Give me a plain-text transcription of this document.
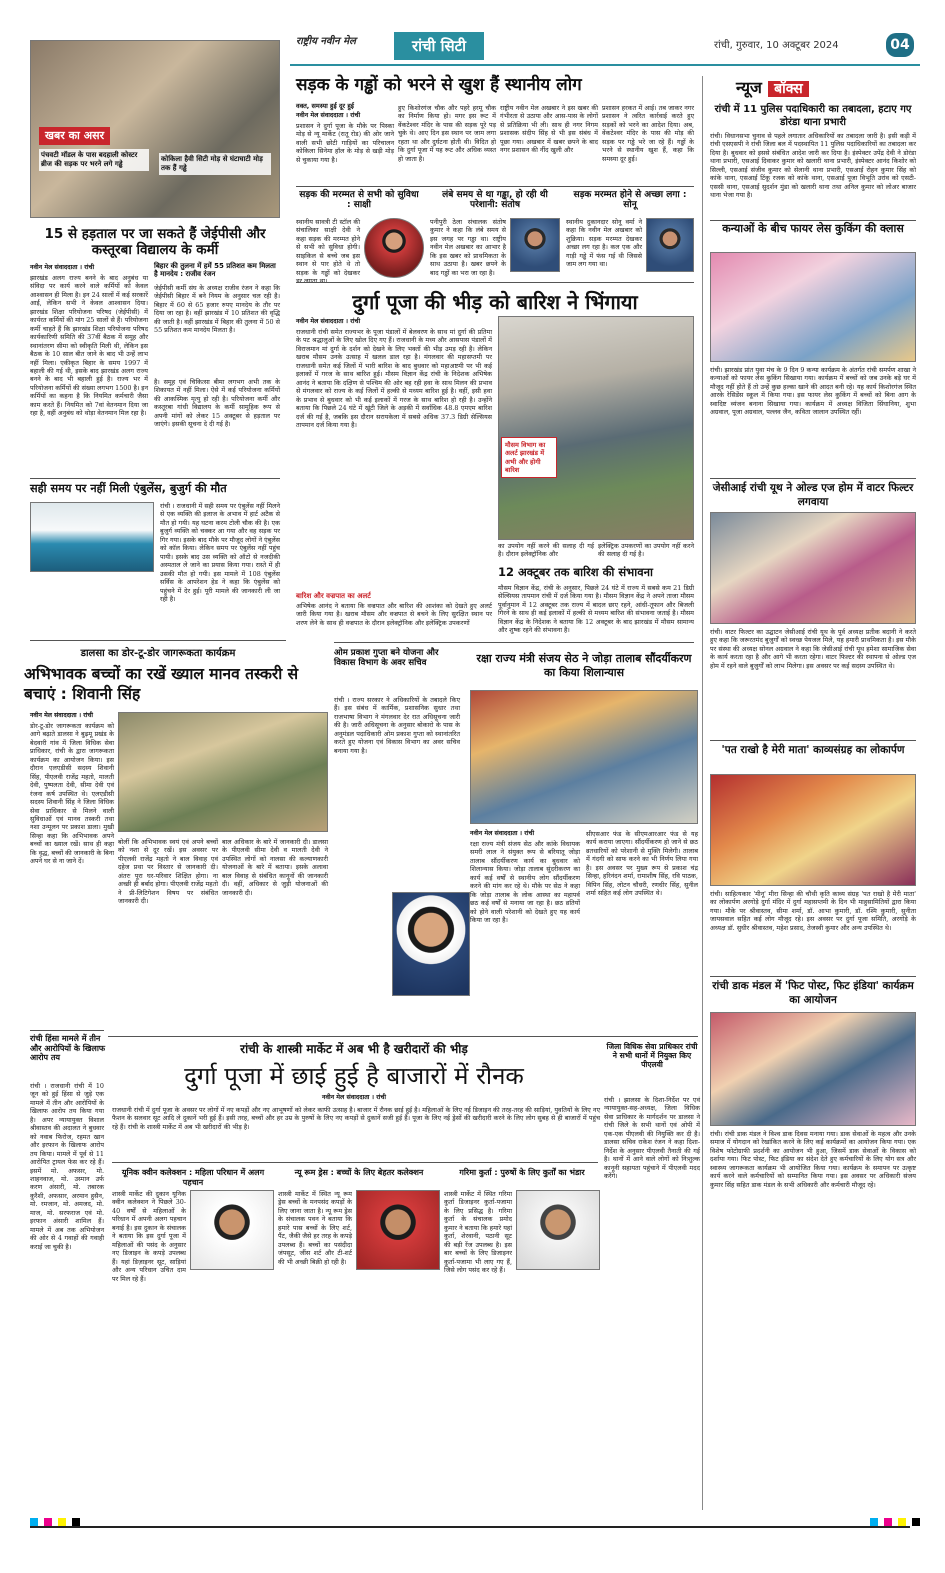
राष्ट्रीय नवीन मेल	रांची सिटी	रांची, गुरुवार, 10 अक्टूबर 2024	04
खबर का असर
पंचवटी मॉडल के पास बदहाली कोस्टर ब्रीज की सड़क पर भरने लगे गड्ढे
कोकिला हैवी सिटी मोड़ से घंटाघाटी मोड़ तक हैं गड्ढे
सड़क के गड्ढों को भरने से खुश हैं स्थानीय लोग
वक्त, समस्या हुई दूर हुई
नवीन मेल संवाददाता । रांची
प्रशासन ने दुर्गा पूजा के मौके पर पिस्का मोड़ से न्यू मार्केट (रातू रोड) की ओर जाने वाली सभी छोटी गाड़ियों का परिचालन कोकिला सिनेमा हॉल के मोड़ से खड़ी मोड़ से चुकाया गया है।
हुए किशोरगंज चौक और पहरे हरमू चौक का निर्माण किया हो। मगर इस रूट में वेंकटेश्वर मंदिर के पास की सड़क पूरे पड़ चुके थे। आए दिन इस स्थान पर जाम लगा रहता था और दुर्घटना होती थी। विदित हो कि दुर्गा पूजा में यह रूट और अधिक व्यस्त हो जाता है।
राष्ट्रीय नवीन मेल अखबार ने इस खबर की गंभीरता से उठाया और आस-पास के लोगों से प्रतिक्रिया भी ली। साथ ही नगर निगम प्रशासक संदीप सिंह से भी इस संबंध में पूछा गया। अखबार में खबर छपने के बाद नगर प्रशासन की नींद खुली और
प्रशासन हरकत में आई। तब जाकर नगर प्रशासन ने त्वरित कार्रवाई करते हुए सड़कों को भरने का आदेश दिया। अब, वेंकटेश्वर मंदिर के पास की मोड़ की सड़क पर गड्ढे भरे जा रहे हैं। गड्ढों के भरने से स्थानीय खुश हैं, कहा कि समस्या दूर हुई।
सड़क की मरम्मत से सभी को सुविधा : साक्षी
स्थानीय सावत्री टी स्टॉल की संचालिका साक्षी देवी ने कहा सड़क की मरम्मत होने से सभी को सुविधा होगी। साइकिल से बच्चे जब इस स्थान से पार होते थे तो सड़क के गड्ढों को देखकर डर लगता था।
लंबे समय से था गड्ढा, हो रही थी परेशानी: संतोष
पनीपुरी ठेला संचालक संतोष कुमार ने कहा कि लंबे समय से इस जगह पर गड्ढा था। राष्ट्रीय नवीन मेल अखबार का आभार है कि इस खबर को प्राथमिकता के साथ उठाया है। खबर छपने के बाद गड्ढों का भरा जा रहा है।
सड़क मरम्मत होने से अच्छा लगा : सोनू
स्थानीय दुकानदार सोनू वर्मा ने कहा कि नवीन मेल अखबार को शुक्रिया। सड़क मरम्मत देखकर अच्छा लग रहा है। कल एक और गाड़ी गड्ढे में फंस गई थी जिससे जाम लग गया था।
15 से हड़ताल पर जा सकते हैं जेईपीसी और कस्तूरबा विद्यालय के कर्मी
नवीन मेल संवाददाता । रांची
झारखंड अलग राज्य बनने के बाद अनुबंध या संविदा पर कार्य करने वाले कर्मियों को केवल आश्वासन ही मिला है। इन 24 सालों में कई सरकारें आईं, लेकिन सभी ने केवल आश्वासन दिया। झारखंड शिक्षा परियोजना परिषद (जेईपीसी) में कार्यरत कर्मियों की मांग 25 सालों से हैं। परियोजना कर्मी चाहते हैं कि झारखंड शिक्षा परियोजना परिषद कार्यकारिणी समिति की 37वीं बैठक में समूह और स्थानांतरण सीमा को स्वीकृति मिली थी, लेकिन इस बैठक के 10 साल बीत जाने के बाद भी उन्हें लाभ नहीं मिला। एकीकृत बिहार के समय 1997 में बहाली की गई थी, इसके बाद झारखंड अलग राज्य बनने के बाद भी बहाली हुई है। राज्य भर में परियोजना कर्मियों की संख्या लगभग 1500 है। इन कर्मियों का कहना है कि नियमित कर्मचारी जैसा काम करते हैं। नियमित को 7वां वेतनमान दिया जा रहा है, वहीं अनुबंध को थोड़ा वेतनमान मिल रहा है।
बिहार की तुलना में हमें 55 प्रतिशत कम मिलता है मानदेय : राजीव रंजन
जेईपीसी कर्मी संघ के अध्यक्ष राजीव रंजन ने कहा कि जेईपीसी बिहार में बने नियम के अनुसार चल रही है। बिहार में 60 से 65 हजार रुपए मानदेय के तौर पर दिया जा रहा है। वहीं झारखंड में 10 प्रतिशत की वृद्धि की जाती है। वहीं झारखंड में बिहार की तुलना में 50 से 55 प्रतिशत कम मानदेय मिलता है।
है। समूह एवं चिकित्सा बीमा लगभग अभी तक के शिकायत में नहीं मिला। ऐसे में कई परियोजना कर्मियों की आकस्मिक मृत्यु हो रही है। परियोजना कर्मी और कस्तूरबा गांधी विद्यालय के कर्मी सामूहिक रूप से अपनी मांगों को लेकर 15 अक्टूबर से हड़ताल पर जाएंगे। इसकी सूचना दे दी गई है।
सही समय पर नहीं मिली एंबुलेंस, बुजुर्ग की मौत
रांची । राजधानी में सही समय पर एंबुलेंस नहीं मिलने से एक व्यक्ति की इलाज के अभाव में हार्ट अटैक से मौत हो गयी। यह घटना करम टोली चौक की है। एक बुजुर्ग व्यक्ति को चक्कर आ गया और वह सड़क पर गिर गया। इसके बाद मौके पर मौजूद लोगों ने एंबुलेंस को कॉल किया। लेकिन समय पर एंबुलेंस नहीं पहुंच पायी। इसके बाद उस व्यक्ति को ऑटो से नजदीकी अस्पताल ले जाने का प्रयास किया गया। रास्ते में ही उसकी मौत हो गयी। इस मामले में 108 एंबुलेंस सर्विस के आपरेशन हेड ने कहा कि एंबुलेंस को पहुंचने में देर हुई। पूरी मामले की जानकारी ली जा रही है।
डालसा का डोर-टू-डोर जागरूकता कार्यक्रम
अभिभावक बच्चों का रखें ख्याल मानव तस्करी से बचाएं : शिवानी सिंह
नवीन मेल संवाददाता । रांची
डोर-टू-डोर जागरूकता कार्यक्रम को आगे बढ़ाते डालसा ने बुढ़मू प्रखंड के बेदवारी गांव में जिला विधिक सेवा प्राधिकार, रांची के द्वारा जागरूकता कार्यक्रम का आयोजन किया। इस दौरान एलएडीसी सदस्य शिवानी सिंह, पीएलवी राजेंद्र महतो, मालती देवी, पुष्पलता देवी, सीमा देवी एवं रंजना कर्ष उपस्थित थे। एलएडीसी सदस्य शिवानी सिंह ने जिला विधिक सेवा प्राधिकार से मिलने वाली सुविधाओं एवं मानव तस्करी तथा नशा उन्मूलन पर प्रकाश डाला। मुखी सिन्हा कहा कि अभिभावक अपने बच्चों का ख्याल रखें। साथ ही कहा कि वृद्ध, बच्चों की जानकारी के बिना अपने घर से ना जाने दें।
बोलीं कि अभिभावक स्वयं एवं अपने बच्चों को नशा से दूर रखें। इस अवसर पर पीएलवी राजेंद्र महतो ने बाल विवाह एवं दहेज प्रथा पर विस्तार से जानकारी दी। अंतरः पूरा घर-परिवार शिक्षित होगा। ना अच्छी ही बर्बाद होगा। पीएलवी राजेंद्र महतो ने प्री-लिटिगेशन विषय पर संबंधित जानकारी दी।
बाल अधिकार के बारे में जानकारी दी। डालसा के पीएलवी सीमा देवी व मालती देवी ने उपस्थित लोगों को नालसा की कल्याणकारी योजनाओं के बारे में बताया। इसके अलावा बाल विवाह से संबंधित कानूनों की जानकारी दी। वहीं, अधिकार से जुड़ी योजनाओं की जानकारी दी।
दुर्गा पूजा की भीड़ को बारिश ने भिंगाया
नवीन मेल संवाददाता । रांची
राजधानी रांची समेत राज्यभर के पूजा पंडालों में बेलवरण के साथ मां दुर्गा की प्रतिमा के पट श्रद्धालुओं के लिए खोल दिए गए हैं। राजधानी के मध्य और आसपास पंडालों में विराजमान मां दुर्गा के दर्शन को देखने के लिए भक्तों की भीड़ उमड़ रही है। लेकिन खराब मौसम उनके उत्साह में खलल डाल रहा है। मंगलवार की महासप्तमी पर राजधानी समेत कई जिलों में भारी बारिश के बाद बुधवार को महाअष्टमी पर भी कई इलाकों में गरज के साथ बारिश हुई। मौसम विज्ञान केंद्र रांची के निदेशक अभिषेक आनंद ने बताया कि दक्षिण से पश्चिम की ओर बह रही हवा के साथ मिलन की प्रभाव से मंगलवार को राज्य के कई जिलों में हल्की से मध्यम बारिश हुई है। वहीं, इसी हवा के प्रभाव से बुधवार को भी कई इलाकों में गरज के साथ बारिश हो रही है। उन्होंने बताया कि पिछले 24 घंटे में खूंटी जिले के अड़की में सर्वाधिक 48.8 एमएम बारिश दर्ज की गई है, जबकि इस दौरान सरायकेला में सबसे अधिक 37.3 डिग्री सेल्सियस तापमान दर्ज किया गया है।
बारिश और वज्रपात का अलर्ट
अभिषेक आनंद ने बताया कि वज्रपात और बारिश की आशंका को देखते हुए अलर्ट जारी किया गया है। खराब मौसम और वज्रपात से बचने के लिए सुरक्षित स्थान पर शरण लेने के साथ ही वज्रपात के दौरान इलेक्ट्रॉनिक और इलेक्ट्रिक उपकरणों
मौसम विभाग का अलर्ट झारखंड में अभी और होगी बारिश
का उपयोग नहीं करने की सलाह दी गई है। दौरान इलेक्ट्रॉनिक और
इलेक्ट्रिक उपकरणों का उपयोग नहीं करने की सलाह दी गई है।
12 अक्टूबर तक बारिश की संभावना
मौसम विज्ञान केंद्र, रांची के अनुसार, पिछले 24 घंटे में राज्य में सबसे कम 21 डिग्री सेल्सियस तापमान रांची में दर्ज किया गया है। मौसम विज्ञान केंद्र ने अपने ताजा मौसम पूर्वानुमान में 12 अक्टूबर तक राज्य में बादल छाए रहने, आंधी-तूफान और बिजली गिरने के साथ ही कई इलाकों में हल्की से मध्यम बारिश की संभावना जताई है। मौसम विज्ञान केंद्र के निदेशक ने बताया कि 12 अक्टूबर के बाद झारखंड में मौसम सामान्य और शुष्क रहने की संभावना है।
ओम प्रकाश गुप्ता बने योजना और विकास विभाग के अवर सचिव
रांची । राज्य सरकार ने अधिकारियों के तबादले किए हैं। इस संबंध में कार्मिक, प्रशासनिक सुधार तथा राजभाषा विभाग ने मंगलवार देर रात अधिसूचना जारी की है। जारी अधिसूचना के अनुसार बोकारो के पास के अनुमंडल पदाधिकारी ओम प्रकाश गुप्ता को स्थानांतरित करते हुए योजना एवं विकास विभाग का अवर सचिव बनाया गया है।
रक्षा राज्य मंत्री संजय सेठ ने जोड़ा तालाब सौंदर्यीकरण का किया शिलान्यास
नवीन मेल संवाददाता । रांची
रक्षा राज्य मंत्री संजय सेठ और कांके विधायक समरी लाल ने संयुक्त रूप से बरियातू जोड़ा तालाब सौंदर्यीकरण कार्य का बुधवार को शिलान्यास किया। जोड़ा तालाब सुंदरीकरण का कार्य कई वर्षों से स्थानीय लोग सौंदर्यीकरण करने की मांग कर रहे थे। मौके पर सेठ ने कहा कि जोड़ा तालाब के लोक आस्था का महापर्व छठ कई वर्षों से मनाया जा रहा है। छठ व्रतियों को होने वाली परेशानी को देखते हुए यह कार्य किया जा रहा है।
सीएसआर फंड के सीएमआरआर फंड से यह कार्य कराया जाएगा। सौंदर्यीकरण हो जाने से छठ व्रतधारियों को परेशानी से मुक्ति मिलेगी। तालाब में गंदगी को साफ करने का भी निर्णय लिया गया है। इस अवसर पर मुख्य रूप से प्रकाश चंद्र सिन्हा, हरिनंदन शर्मा, रामाशीष सिंह, रवि पाठक, विपिन सिंह, लोटन चौधरी, रणधीर सिंह, सुनील शर्मा सहित कई लोग उपस्थित थे।
रांची के शास्त्री मार्केट में अब भी है खरीदारों की भीड़
दुर्गा पूजा में छाई हुई है बाजारों में रौनक
नवीन मेल संवाददाता । रांची
राजधानी रांची में दुर्गा पूजा के अवसर पर लोगों में नए कपड़ों और नए आभूषणों को लेकर काफी उत्साह है। बाजार में रौनक छाई हुई है। महिलाओं के लिए नई डिजाइन की तरह-तरह की साड़ियां, युवतियों के लिए नए फैशन के सलवार सूट आदि ले दुकानें भरी हुई हैं। इसी तरह, बच्चों और हर उम्र के पुरुषों के लिए नए कपड़ों से दुकानें सजी हुई हैं। पूजा के लिए नई ड्रेसों की खरीदारी करने के लिए लोग सुबह से ही बाजारों में पहुंच रहे हैं। रांची के शास्त्री मार्केट में अब भी खरीदारों की भीड़ है।
यूनिक क्वीन कलेक्शन : महिला परिधान में अलग पहचान
शास्त्री मार्केट की दुकान यूनिक क्वीन कलेक्शन ने पिछले 30-40 वर्षों से महिलाओं के परिधान में अपनी अलग पहचान बनाई है। इस दुकान के संचालक ने बताया कि इस दुर्गा पूजा में महिलाओं की पसंद के अनुसार नए डिजाइन के कपड़े उपलब्ध हैं। यहां डिज़ाइनर सूट, साड़ियां और अन्य परिधान उचित दाम पर मिल रहे हैं।
न्यू रूम ड्रेस : बच्चों के लिए बेहतर कलेक्शन
शास्त्री मार्केट में स्थित न्यू रूम ड्रेस बच्चों के मनपसंद कपड़ों के लिए जाना जाता है। न्यू रूम ड्रेस के संचालक पवन ने बताया कि हमारे पास बच्चों के लिए शर्ट, पैंट, जैकी जैसे हर तरह के कपड़े उपलब्ध हैं। बच्चों का पसंदीदा जंपसूट, जींस शर्ट और टी-शर्ट की भी अच्छी बिक्री हो रही है।
गरिमा कुर्ता : पुरुषों के लिए कुर्तों का भंडार
शास्त्री मार्केट में स्थित गरिमा कुर्ता डिजाइनर कुर्ता-पजामा के लिए प्रसिद्ध है। गरिमा कुर्ता के संचालक प्रमोद कुमार ने बताया कि हमारे यहां कुर्ता, शेरवानी, पठानी सूट की बड़ी रेंज उपलब्ध है। इस बार बच्चों के लिए डिजाइनर कुर्ता-पजामा भी लाए गए हैं, जिसे लोग पसंद कर रहे हैं।
रांची हिंसा मामले में तीन और आरोपियों के खिलाफ आरोप तय
रांची । राजधानी रांची में 10 जून को हुई हिंसा से जुड़े एक मामले में तीन और आरोपियों के खिलाफ आरोप तय किया गया है। अपर न्यायायुक्त विशाल श्रीवास्तव की अदालत ने बुधवार को नवाब फिरोज, रहमत खान और इरफान के खिलाफ आरोप तय किया। मामले में पूर्व से 11 आरोपित ट्रायल फेस कर रहे हैं। इसमें मो. अफसर, मो. शाहनवाज, मो. उस्मान उर्फ करण अंसारी, मो. तबारक कुरैशी, अफसार, अरमान हुसैन, मो. रमजान, मो. अमजद, मो. माज, मो. सरफराज एवं मो. इरफान अंसारी शामिल हैं। मामले में अब तक अभियोजन की ओर से 4 गवाहों की गवाही कराई जा चुकी है।
जिला विधिक सेवा प्राधिकार रांची ने सभी थानों में नियुक्त किए पीएलवी
रांची । झालसा के दिशा-निर्देश पर एवं न्यायायुक्त-सह-अध्यक्ष, जिला विधिक सेवा प्राधिकार के मार्गदर्शन पर डालसा ने रांची जिले के सभी थानों एवं ओपी में एक-एक पीएलवी की नियुक्ति कर दी है। डालसा सचिव राकेश रंजन ने कहा दिशा-निर्देश के अनुसार पीएलवी तैनाती की गई है। थानों में आने वाले लोगों को निःशुल्क कानूनी सहायता पहुंचाने में पीएलवी मदद करेंगे।
न्यूज बॉक्स
रांची में 11 पुलिस पदाधिकारी का तबादला, हटाए गए डोरंडा थाना प्रभारी
रांची। विधानसभा चुनाव से पहले लगातार अधिकारियों का तबादला जारी है। इसी कड़ी में रांची एसएसपी ने रांची जिला बल में पदस्थापित 11 पुलिस पदाधिकारियों का तबादला कर दिया है। बुधवार को इससे संबंधित आदेश जारी कर दिया है। इंस्पेक्टर उपेंद्र देवी ने डोरंडा थाना प्रभारी, एसआई दिवाकर कुमार को खलारी थाना प्रभारी, इंस्पेक्टर आनंद किशोर को सिल्ली, एसआई संजीव कुमार को सेलानी थाना प्रभारी, एसआई रोहन कुमार सिंह को कांके थाना, एसआई टिंकू रजक को कांके थाना, एसआई पूजा विभूति उरांव को एसटी-एससी थाना, एसआई सुदर्शन मुंडा को खलारी थाना तथा अनिल कुमार को लोअर बाजार थाना भेजा गया है।
कन्याओं के बीच फायर लेस कुकिंग की क्लास
रांची। झारखंड प्रांत युवा मंच के 9 दिन 9 कन्या कार्यक्रम के अंतर्गत रांची समर्पण शाखा ने कन्याओं को फायर लेस कुकिंग सिखाया गया। कार्यक्रम में बच्चों को जब उनके बड़े घर में मौजूद नहीं होते हैं तो उन्हें कुछ हल्का खाने की आदत बनी रहे। यह कार्य किशोरगंज स्थित आरके रेसिडेंस स्कूल में किया गया। इस फायर लेस कुकिंग में बच्चों को बिना आग के स्वादिष्ट व्यंजन बनाना सिखाया गया। कार्यक्रम में अध्यक्ष विजिता सिंघानिया, शुभा अग्रवाल, पूजा अग्रवाल, पल्लव जैन, कविता जालान उपस्थित रहीं।
जेसीआई रांची यूथ ने ओल्ड एज होम में वाटर फिल्टर लगवाया
रांची। वाटर फिल्टर का उद्घाटन जेसीआई रांची यूथ के पूर्व अध्यक्ष प्रतीक बदानी ने करते हुए कहा कि जरूरतमंद बुजुर्गों को स्वच्छ पेयजल मिले, यह हमारी प्राथमिकता है। इस मौके पर संस्था की अध्यक्ष सोनल अग्रवाल ने कहा कि जेसीआई रांची यूथ हमेशा सामाजिक सेवा के कार्य करता रहा है और आगे भी करता रहेगा। वाटर फिल्टर की स्थापना से ओल्ड एज होम में रहने वाले बुजुर्गों को लाभ मिलेगा। इस अवसर पर कई सदस्य उपस्थित थे।
'पत राखो है मेरी माता' काव्यसंग्रह का लोकार्पण
रांची। साहित्यकार 'मीनू' मीरा सिन्हा की चौथी कृति काव्य संग्रह 'पत राखो है मेरी माता' का लोकार्पण अरगोड़े दुर्गा मंदिर में दुर्गा महासप्तमी के दिन भी माहुसामितियों द्वारा किया गया। मौके पर श्रीवास्तव, सीमा शर्मा, डॉ. आभा कुमारी, डॉ. रश्मि कुमारी, सुनीता जायसवाल सहित कई लोग मौजूद रहे। इस अवसर पर दुर्गा पूजा समिति, अरगोड़े के अध्यक्ष डॉ. सुधीर श्रीवास्तव, महेश प्रसाद, तेजस्वी कुमार और अन्य उपस्थित थे।
रांची डाक मंडल में 'फिट पोस्ट, फिट इंडिया' कार्यक्रम का आयोजन
रांची। रांची डाक मंडल ने विश्व डाक दिवस मनाया गया। डाक सेवाओं के महत्व और उनके समाज में योगदान को रेखांकित करने के लिए कई कार्यक्रमों का आयोजन किया गया। एक विशेष फोटोग्राफी प्रदर्शनी का आयोजन भी हुआ, जिसमें डाक सेवाओं के विकास को दर्शाया गया। फिट पोस्ट, फिट इंडिया का संदेश देते हुए कर्मचारियों के लिए योग सत्र और स्वास्थ्य जागरूकता कार्यक्रम भी आयोजित किया गया। कार्यक्रम के समापन पर उत्कृष्ट कार्य करने वाले कर्मचारियों को सम्मानित किया गया। इस अवसर पर अधिकारी संजय कुमार सिंह सहित डाक मंडल के सभी अधिकारी और कर्मचारी मौजूद रहे।
